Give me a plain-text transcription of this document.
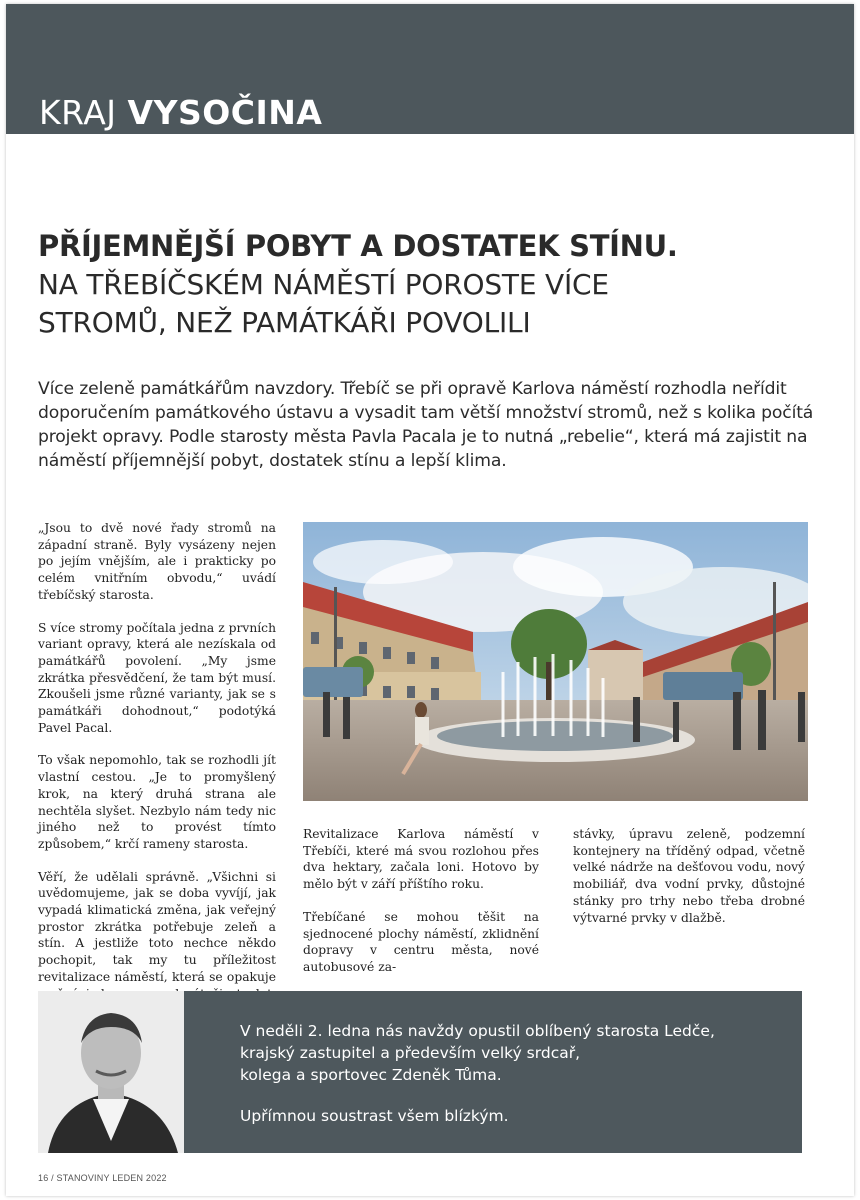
KRAJ VYSOČINA
PŘÍJEMNĚJŠÍ POBYT A DOSTATEK STÍNU.
NA TŘEBÍČSKÉM NÁMĚSTÍ POROSTE VÍCE STROMŮ, NEŽ PAMÁTKÁŘI POVOLILI
Více zeleně památkářům navzdory. Třebíč se při opravě Karlova náměstí rozhodla neřídit doporučením památkového ústavu a vysadit tam větší množství stromů, než s kolika počítá projekt opravy. Podle starosty města Pavla Pacala je to nutná „rebelie“, která má zajistit na náměstí příjemnější pobyt, dostatek stínu a lepší klima.

„Jsou to dvě nové řady stromů na západní straně. Byly vysázeny nejen po jejím vnějším, ale i prakticky po celém vnitřním obvodu,“ uvádí třebíčský starosta.

S více stromy počítala jedna z prvních variant opravy, která ale nezískala od památkářů povolení. „My jsme zkrátka přesvědčení, že tam být musí. Zkoušeli jsme různé varianty, jak se s památkáři dohodnout,“ podotýká Pavel Pacal.

To však nepomohlo, tak se rozhodli jít vlastní cestou. „Je to promyšlený krok, na který druhá strana ale nechtěla slyšet. Nezbylo nám tedy nic jiného než to provést tímto způsobem,“ krčí rameny starosta.

Věří, že udělali správně. „Všichni si uvědomujeme, jak se doba vyvíjí, jak vypadá klimatická změna, jak veřejný prostor zkrátka potřebuje zeleň a stín. A jestliže toto nechce někdo pochopit, tak my tu příležitost revitalizace náměstí, která se opakuje

Revitalizace Karlova náměstí v Třebíči, které má svou rozlohou přes dva hektary, začala loni. Hotovo by mělo být v září příštího roku.

Třebíčané se mohou těšit na sjednocené plochy náměstí, zklidnění dopravy v centru města, nové autobusové za-

stávky, úpravu zeleně, podzemní kontejnery na tříděný odpad, včetně velké nádrže na dešťovou vodu, nový mobiliář, dva vodní prvky, důstojné stánky pro trhy nebo třeba drobné výtvarné prvky v dlažbě.

V neděli 2. ledna nás navždy opustil oblíbený starosta Ledče,
krajský zastupitel a především velký srdcař,
kolega a sportovec Zdeněk Tůma.
Upřímnou soustrast všem blízkým.
16 / STANOVINY LEDEN 2022
